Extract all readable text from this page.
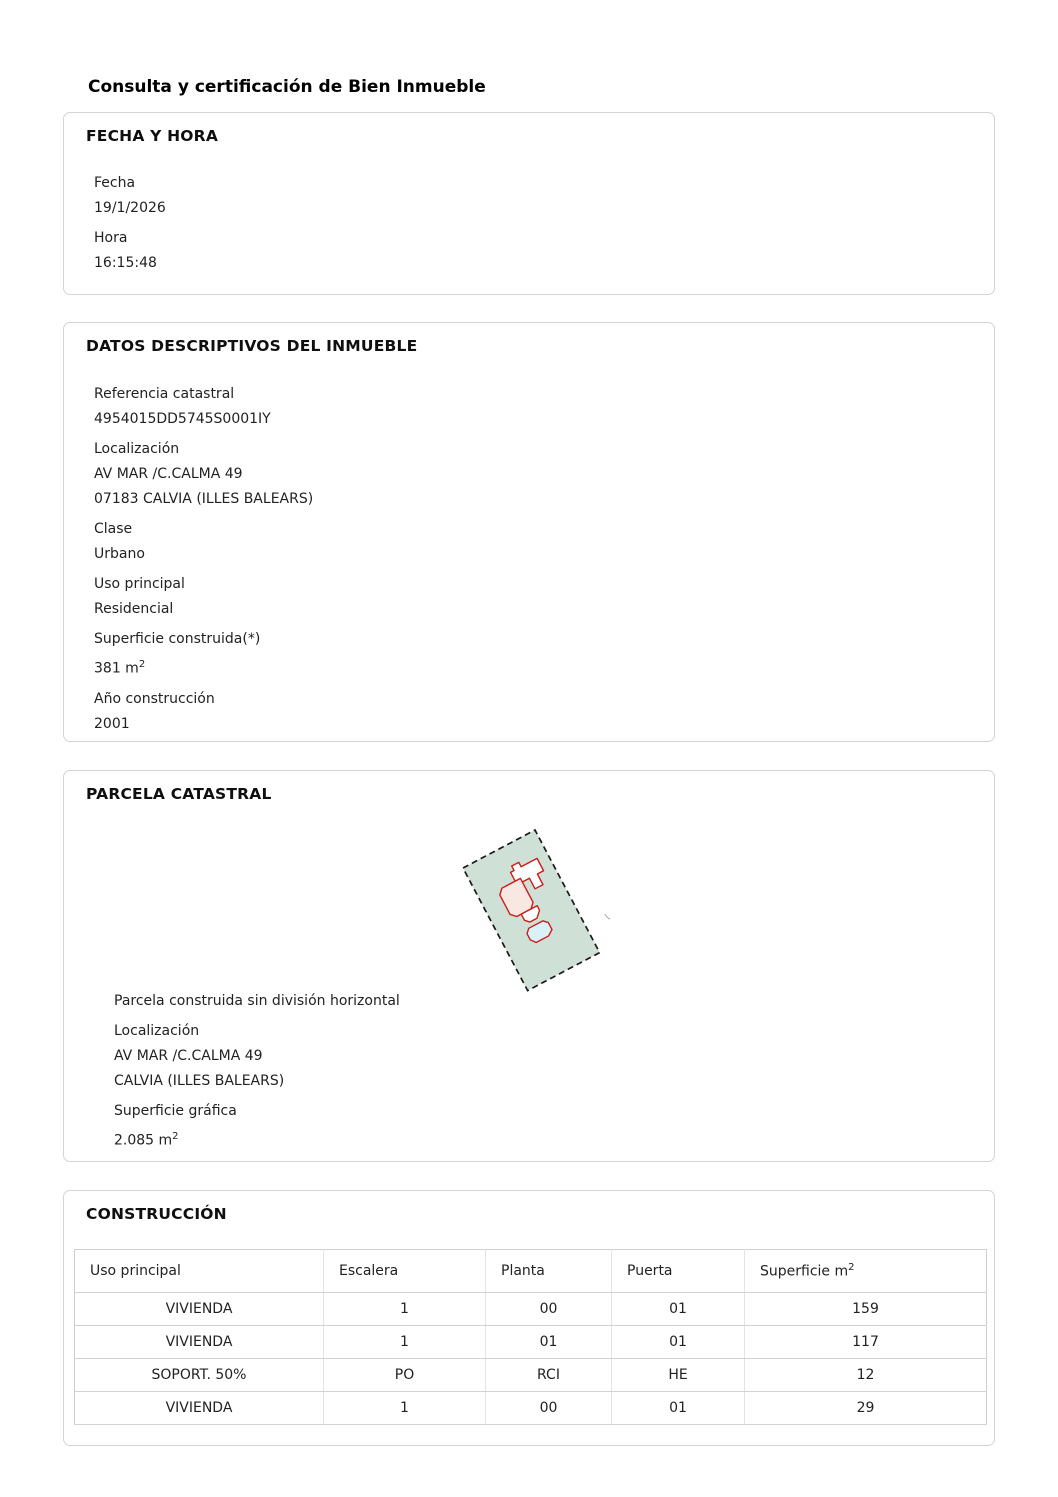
Consulta y certificación de Bien Inmueble
FECHA Y HORA
Fecha
19/1/2026
Hora
16:15:48
DATOS DESCRIPTIVOS DEL INMUEBLE
Referencia catastral
4954015DD5745S0001IY
Localización
AV MAR /C.CALMA 49
07183 CALVIA (ILLES BALEARS)
Clase
Urbano
Uso principal
Residencial
Superficie construida(*)
381 $m^2$
Año construcción
2001
PARCELA CATASTRAL
Parcela construida sin división horizontal
Localización
AV MAR /C.CALMA 49
CALVIA (ILLES BALEARS)
Superficie gráfica
2.085 $m^2$
CONSTRUCCIÓN
Uso principal	Escalera	Planta	Puerta	Superficie $m^2$
VIVIENDA	1	00	01	159
VIVIENDA	1	01	01	117
SOPORT. 50%	PO	RCI	HE	12
VIVIENDA	1	00	01	29
